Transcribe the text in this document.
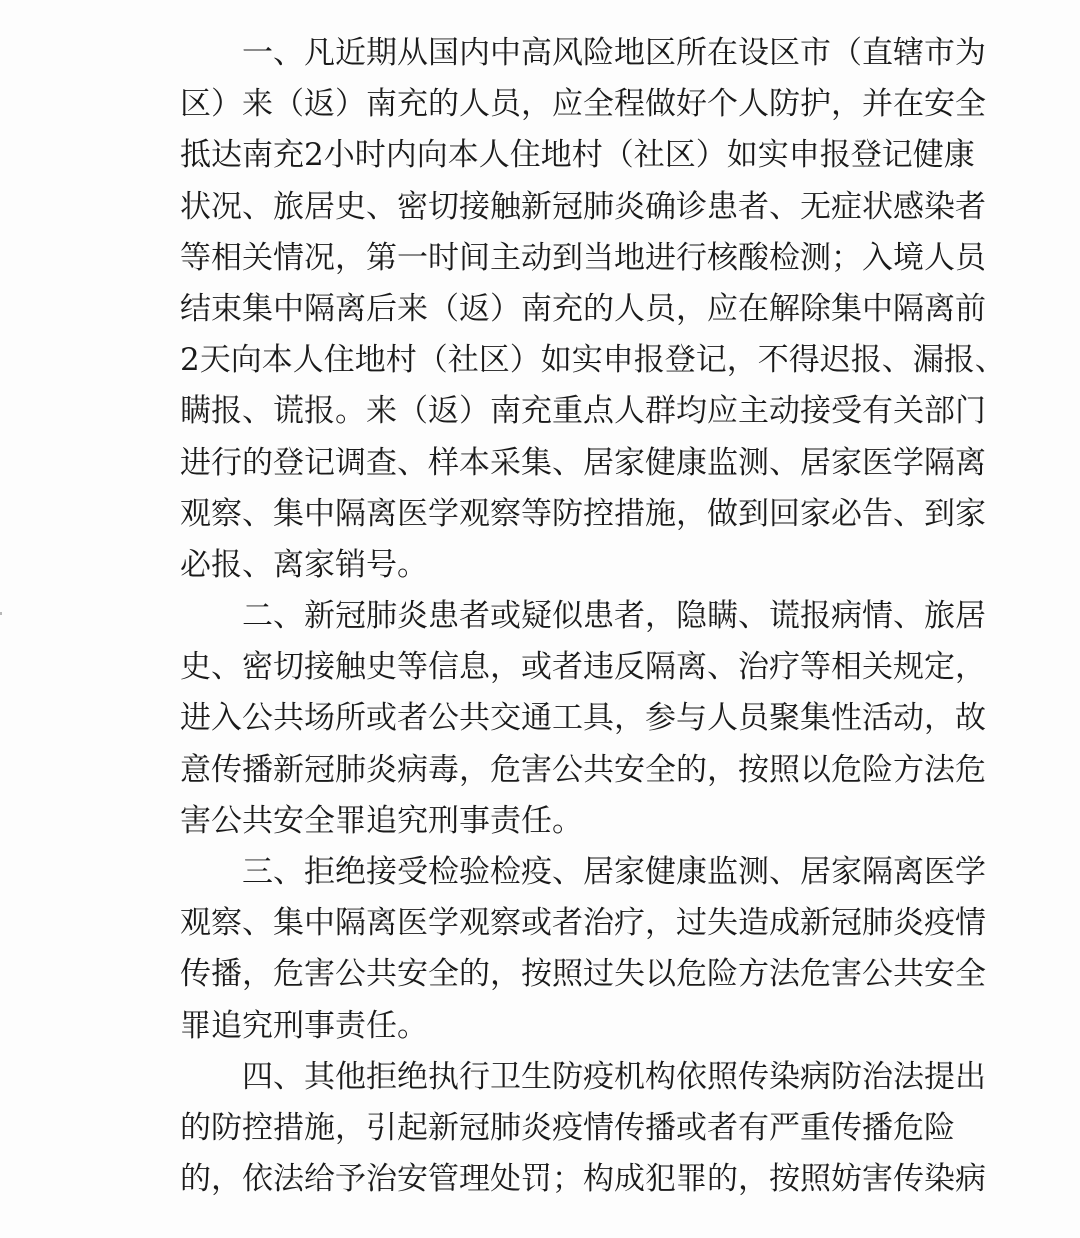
一、凡近期从国内中高风险地区所在设区市（直辖市为
区）来（返）南充的人员，应全程做好个人防护，并在安全
抵达南充2小时内向本人住地村（社区）如实申报登记健康
状况、旅居史、密切接触新冠肺炎确诊患者、无症状感染者
等相关情况，第一时间主动到当地进行核酸检测；入境人员
结束集中隔离后来（返）南充的人员，应在解除集中隔离前
2天向本人住地村（社区）如实申报登记，不得迟报、漏报、
瞒报、谎报。来（返）南充重点人群均应主动接受有关部门
进行的登记调查、样本采集、居家健康监测、居家医学隔离
观察、集中隔离医学观察等防控措施，做到回家必告、到家
必报、离家销号。
二、新冠肺炎患者或疑似患者，隐瞒、谎报病情、旅居
史、密切接触史等信息，或者违反隔离、治疗等相关规定，
进入公共场所或者公共交通工具，参与人员聚集性活动，故
意传播新冠肺炎病毒，危害公共安全的，按照以危险方法危
害公共安全罪追究刑事责任。
三、拒绝接受检验检疫、居家健康监测、居家隔离医学
观察、集中隔离医学观察或者治疗，过失造成新冠肺炎疫情
传播，危害公共安全的，按照过失以危险方法危害公共安全
罪追究刑事责任。
四、其他拒绝执行卫生防疫机构依照传染病防治法提出
的防控措施，引起新冠肺炎疫情传播或者有严重传播危险
的，依法给予治安管理处罚；构成犯罪的，按照妨害传染病
